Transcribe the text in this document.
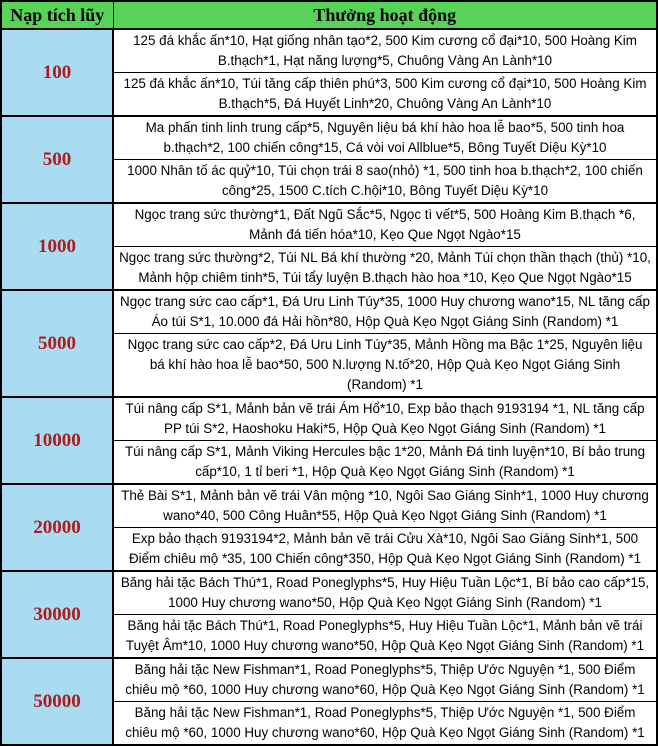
Nạp tích lũy	Thưởng hoạt động
100	125 đá khắc ấn*10, Hạt giống nhân tạo*2, 500 Kim cương cổ đại*10, 500 Hoàng Kim B.thạch*1, Hạt năng lượng*5, Chuông Vàng An Lành*10
	125 đá khắc ấn*10, Túi tăng cấp thiên phú*3, 500 Kim cương cổ đại*10, 500 Hoàng Kim B.thạch*5, Đá Huyết Linh*20, Chuông Vàng An Lành*10
500	Ma phấn tinh linh trung cấp*5, Nguyên liệu bá khí hào hoa lễ bao*5, 500 tinh hoa b.thạch*2, 100 chiến công*15, Cá vòi voi Allblue*5, Bông Tuyết Diệu Kỳ*10
	1000 Nhân tố ác quỷ*10, Túi chọn trái 8 sao(nhỏ) *1, 500 tinh hoa b.thạch*2, 100 chiến công*25, 1500 C.tích C.hội*10, Bông Tuyết Diệu Kỳ*10
1000	Ngọc trang sức thường*1, Đất Ngũ Sắc*5, Ngọc tì vết*5, 500 Hoàng Kim B.thạch *6, Mảnh đá tiến hóa*10, Kẹo Que Ngọt Ngào*15
	Ngọc trang sức thường*2, Túi NL Bá khí thường *20, Mảnh Túi chọn thần thạch (thủ) *10, Mảnh hộp chiêm tinh*5, Túi tẩy luyện B.thạch hào hoa *10, Kẹo Que Ngọt Ngào*15
5000	Ngọc trang sức cao cấp*1, Đá Uru Linh Túy*35, 1000 Huy chương wano*15, NL tăng cấp Áo túi S*1, 10.000 đá Hải hồn*80, Hộp Quà Kẹo Ngọt Giáng Sinh (Random) *1
	Ngọc trang sức cao cấp*2, Đá Uru Linh Túy*35, Mảnh Hồng ma Bậc 1*25, Nguyên liệu bá khí hào hoa lễ bao*50, 500 N.lượng N.tố*20, Hộp Quà Kẹo Ngọt Giáng Sinh (Random) *1
10000	Túi nâng cấp S*1, Mảnh bản vẽ trái Ám Hổ*10, Exp bảo thạch 9193194 *1, NL tăng cấp PP túi S*2, Haoshoku Haki*5, Hộp Quà Kẹo Ngọt Giáng Sinh (Random) *1
	Túi nâng cấp S*1, Mảnh Viking Hercules bậc 1*20, Mảnh Đá tinh luyện*10, Bí bảo trung cấp*10, 1 tỉ beri *1, Hộp Quà Kẹo Ngọt Giáng Sinh (Random) *1
20000	Thẻ Bài S*1, Mảnh bản vẽ trái Vân mộng *10, Ngôi Sao Giáng Sinh*1, 1000 Huy chương wano*40, 500 Công Huân*55, Hộp Quà Kẹo Ngọt Giáng Sinh (Random) *1
	Exp bảo thạch 9193194*2, Mảnh bản vẽ trái Cửu Xà*10, Ngôi Sao Giáng Sinh*1, 500 Điểm chiêu mộ *35, 100 Chiến công*350, Hộp Quà Kẹo Ngọt Giáng Sinh (Random) *1
30000	Băng hải tặc Bách Thú*1, Road Poneglyphs*5, Huy Hiệu Tuần Lộc*1, Bí bảo cao cấp*15, 1000 Huy chương wano*50, Hộp Quà Kẹo Ngọt Giáng Sinh (Random) *1
	Băng hải tặc Bách Thú*1, Road Poneglyphs*5, Huy Hiệu Tuần Lộc*1, Mảnh bản vẽ trái Tuyệt Âm*10, 1000 Huy chương wano*50, Hộp Quà Kẹo Ngọt Giáng Sinh (Random) *1
50000	Băng hải tặc New Fishman*1, Road Poneglyphs*5, Thiệp Ước Nguyện *1, 500 Điểm chiêu mộ *60, 1000 Huy chương wano*60, Hộp Quà Kẹo Ngọt Giáng Sinh (Random) *1
	Băng hải tặc New Fishman*1, Road Poneglyphs*5, Thiệp Ước Nguyện *1, 500 Điểm chiêu mộ *60, 1000 Huy chương wano*60, Hộp Quà Kẹo Ngọt Giáng Sinh (Random) *1
